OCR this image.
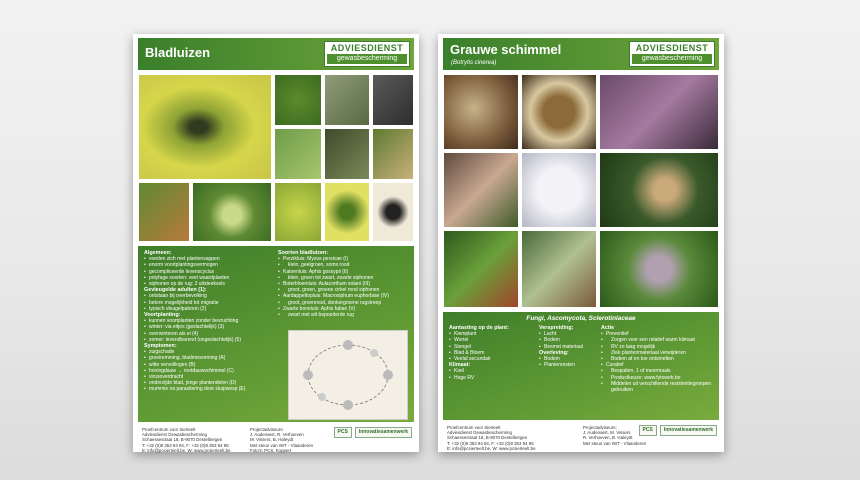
Bladluizen	ADVIESDIENST
gewasbescherming
Algemeen:
• voeden zich met plantensappen
• enorm voortplantingsvermogen
• gecompliceerde levenscyclus
• polyfage soorten: veel waardplanten
• siphonen op de rug: 2 uitsteeksels
Gevleugelde adulten (1):
• ontstaan bij overbevolking
• betere mogelijkheid tot migratie
• typisch vleugelpatroon (2)
Voortplanting:
• kunnen voortplanten zonder bevruchting
• winter: via eitjes (geslachtelijk) (3)
• overwinteren als ei (4)
• zomer: levendbarend (ongeslachtelijk) (5)
Symptomen:
• zuigschade
• groeiremming, bladmisvorming (A)
• witte vervellingen (B)
• honingdauw → roetdauwschimmel (C)
• virusoverdracht
• onderzijde blad, jonge plantendelen (D)
• mummie na parasitering door sluipwesp (E)
Soorten bladluizen:
• Perzikluis: Myzus persicae (I)
• klein, geelgroen, soms rood
• Katoenluis: Aphis gossypii (II)
• klein, groen tot zwart, zwarte siphonen
• Boterbloemluis: Aulacorthum solani (III)
• groot, groen, groene cirkel rond siphonen
• Aardappeltopluis: Macrosiphum euphorbiae (IV)
• groot, groenrood, donkergroene rugstreep
• Zwarte boneluis: Aphis fabae (V)
• zwart met wit bepoederde rug
Proefcentrum voor Sierteelt
Adviesdienst Gewasbescherming
Schaessestraat 18, B-9070 Destelbergen
T: +32 (0)9 353 94 94, F: +32 (0)9 353 94 95
E: info@pcsierteelt.be, W: www.pcsierteelt.be
Projectadviseurs:
J. Audenaert, R. Verhoeven
M. Vissers, B. Haleydt
Met steun van IWT - Vlaanderen
Foto's: PCS, Koppert
PCS	Innovatiesamenwerk
Grauwe schimmel
(Botrytis cinerea)
ADVIESDIENST
gewasbescherming
Fungi, Ascomycota, Sclerotiniaceae
Aantasting op de plant:
• Kiemplant
• Wortel
• Stengel
• Blad & Bloem
• Veelal secundair
Klimaat:
• Koel
• Hoge RV
Verspreiding:
• Lucht
• Bodem
• Besmet materiaal
Overleving:
• Bodem
• Plantenresten
Actie
• Preventief
• Zorgen voor een relatief warm klimaat
• RV zo laag mogelijk
• Ziek plantenmateriaal verwijderen
• Bodem af en toe ontsmetten
• Curatief
• Bespuiten, 1 of meermaals
• Productkeuze: www.fytoweb.be
• Middelen uit verschillende resistentiegroepen gebruiken
Proefcentrum voor Sierteelt
Adviesdienst Gewasbescherming
Schaessestraat 18, B-9070 Destelbergen
T: +32 (0)9 353 94 94, F: +32 (0)9 353 94 95
E: info@pcsierteelt.be, W: www.pcsierteelt.be
Projectadviseurs:
J. Audenaert, M. Vissers
R. Verhoeven, B. Haleydt
Met steun van IWT - Vlaanderen
PCS	Innovatiesamenwerk
